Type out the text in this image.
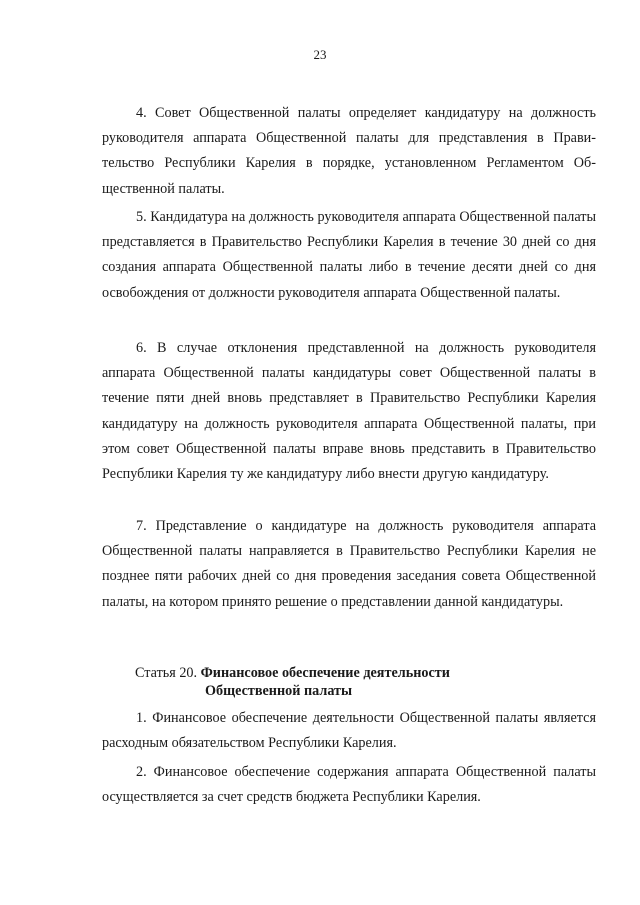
23

4. Совет Общественной палаты определяет кандидатуру на должность руководителя аппарата Общественной палаты для представления в Правительство Республики Карелия в порядке, установленном Регламентом Общественной палаты.

5. Кандидатура на должность руководителя аппарата Общественной палаты представляется в Правительство Республики Карелия в течение 30 дней со дня создания аппарата Общественной палаты либо в течение десяти дней со дня освобождения от должности руководителя аппарата Общественной палаты.

6. В случае отклонения представленной на должность руководителя аппарата Общественной палаты кандидатуры совет Общественной палаты в течение пяти дней вновь представляет в Правительство Республики Карелия кандидатуру на должность руководителя аппарата Общественной палаты, при этом совет Общественной палаты вправе вновь представить в Правительство Республики Карелия ту же кандидатуру либо внести другую кандидатуру.

7. Представление о кандидатуре на должность руководителя аппарата Общественной палаты направляется в Правительство Республики Карелия не позднее пяти рабочих дней со дня проведения заседания совета Общественной палаты, на котором принято решение о представлении данной кандидатуры.

Статья 20. Финансовое обеспечение деятельности
Общественной палаты

1. Финансовое обеспечение деятельности Общественной палаты является расходным обязательством Республики Карелия.

2. Финансовое обеспечение содержания аппарата Общественной палаты осуществляется за счет средств бюджета Республики Карелия.
